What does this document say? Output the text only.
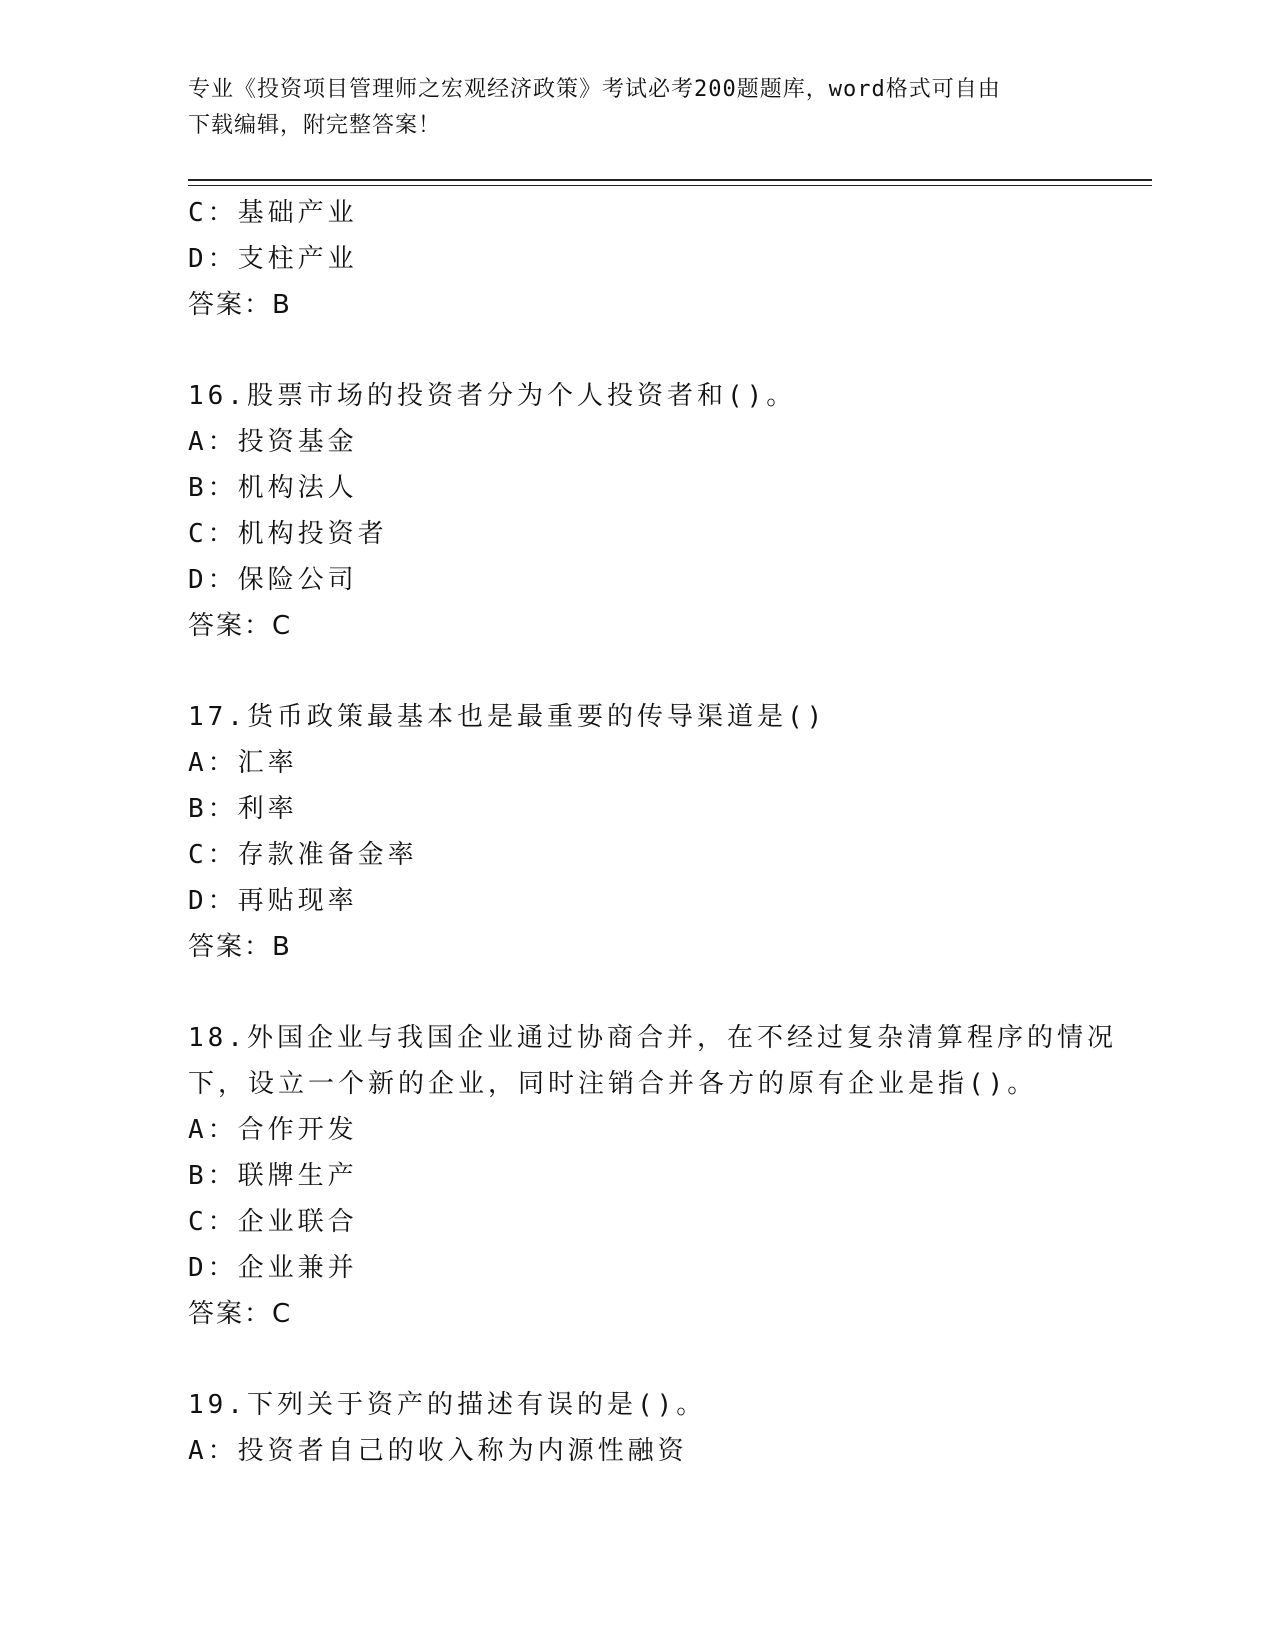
专业《投资项目管理师之宏观经济政策》考试必考200题题库，word格式可自由
下载编辑，附完整答案！
C：基础产业
D：支柱产业
答案：B
16.股票市场的投资者分为个人投资者和()。
A：投资基金
B：机构法人
C：机构投资者
D：保险公司
答案：C
17.货币政策最基本也是最重要的传导渠道是()
A：汇率
B：利率
C：存款准备金率
D：再贴现率
答案：B
18.外国企业与我国企业通过协商合并，在不经过复杂清算程序的情况
下，设立一个新的企业，同时注销合并各方的原有企业是指()。
A：合作开发
B：联牌生产
C：企业联合
D：企业兼并
答案：C
19.下列关于资产的描述有误的是()。
A：投资者自己的收入称为内源性融资
